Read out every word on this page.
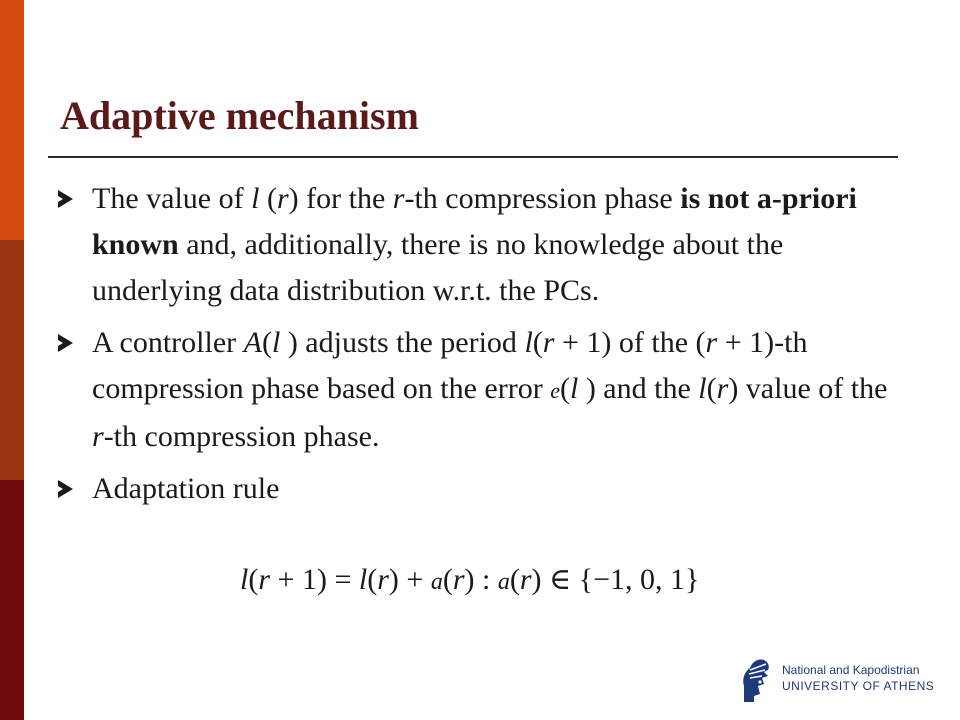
Adaptive mechanism
The value of l (r) for the r-th compression phase is not a-priori known and, additionally, there is no knowledge about the underlying data distribution w.r.t. the PCs.
A controller A(l ) adjusts the period l(r + 1) of the (r + 1)-th compression phase based on the error e(l ) and the l(r) value of the r-th compression phase.
Adaptation rule
l(r + 1) = l(r) + a(r) : a(r) ∈ {−1, 0, 1}
National and Kapodistrian
UNIVERSITY OF ATHENS
